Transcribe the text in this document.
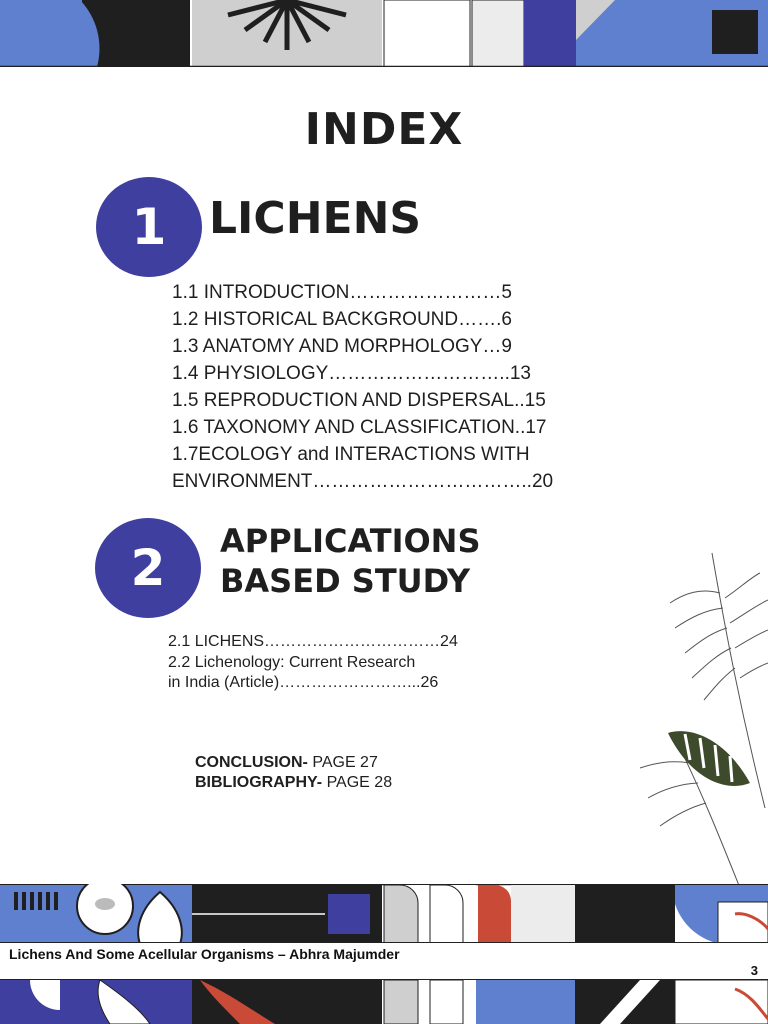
INDEX
1 LICHENS
1.1 INTRODUCTION……………………5
1.2 HISTORICAL BACKGROUND…….6
1.3 ANATOMY AND MORPHOLOGY…9
1.4 PHYSIOLOGY………………………..13
1.5 REPRODUCTION AND DISPERSAL..15
1.6 TAXONOMY AND CLASSIFICATION..17
1.7ECOLOGY and INTERACTIONS WITH
ENVIRONMENT……………………………..20
2	APPLICATIONS
BASED STUDY
2.1 LICHENS……………………………24
2.2 Lichenology: Current Research
in India (Article)……………………...26
CONCLUSION- PAGE 27
BIBLIOGRAPHY- PAGE 28
Lichens And Some Acellular Organisms – Abhra Majumder
3
